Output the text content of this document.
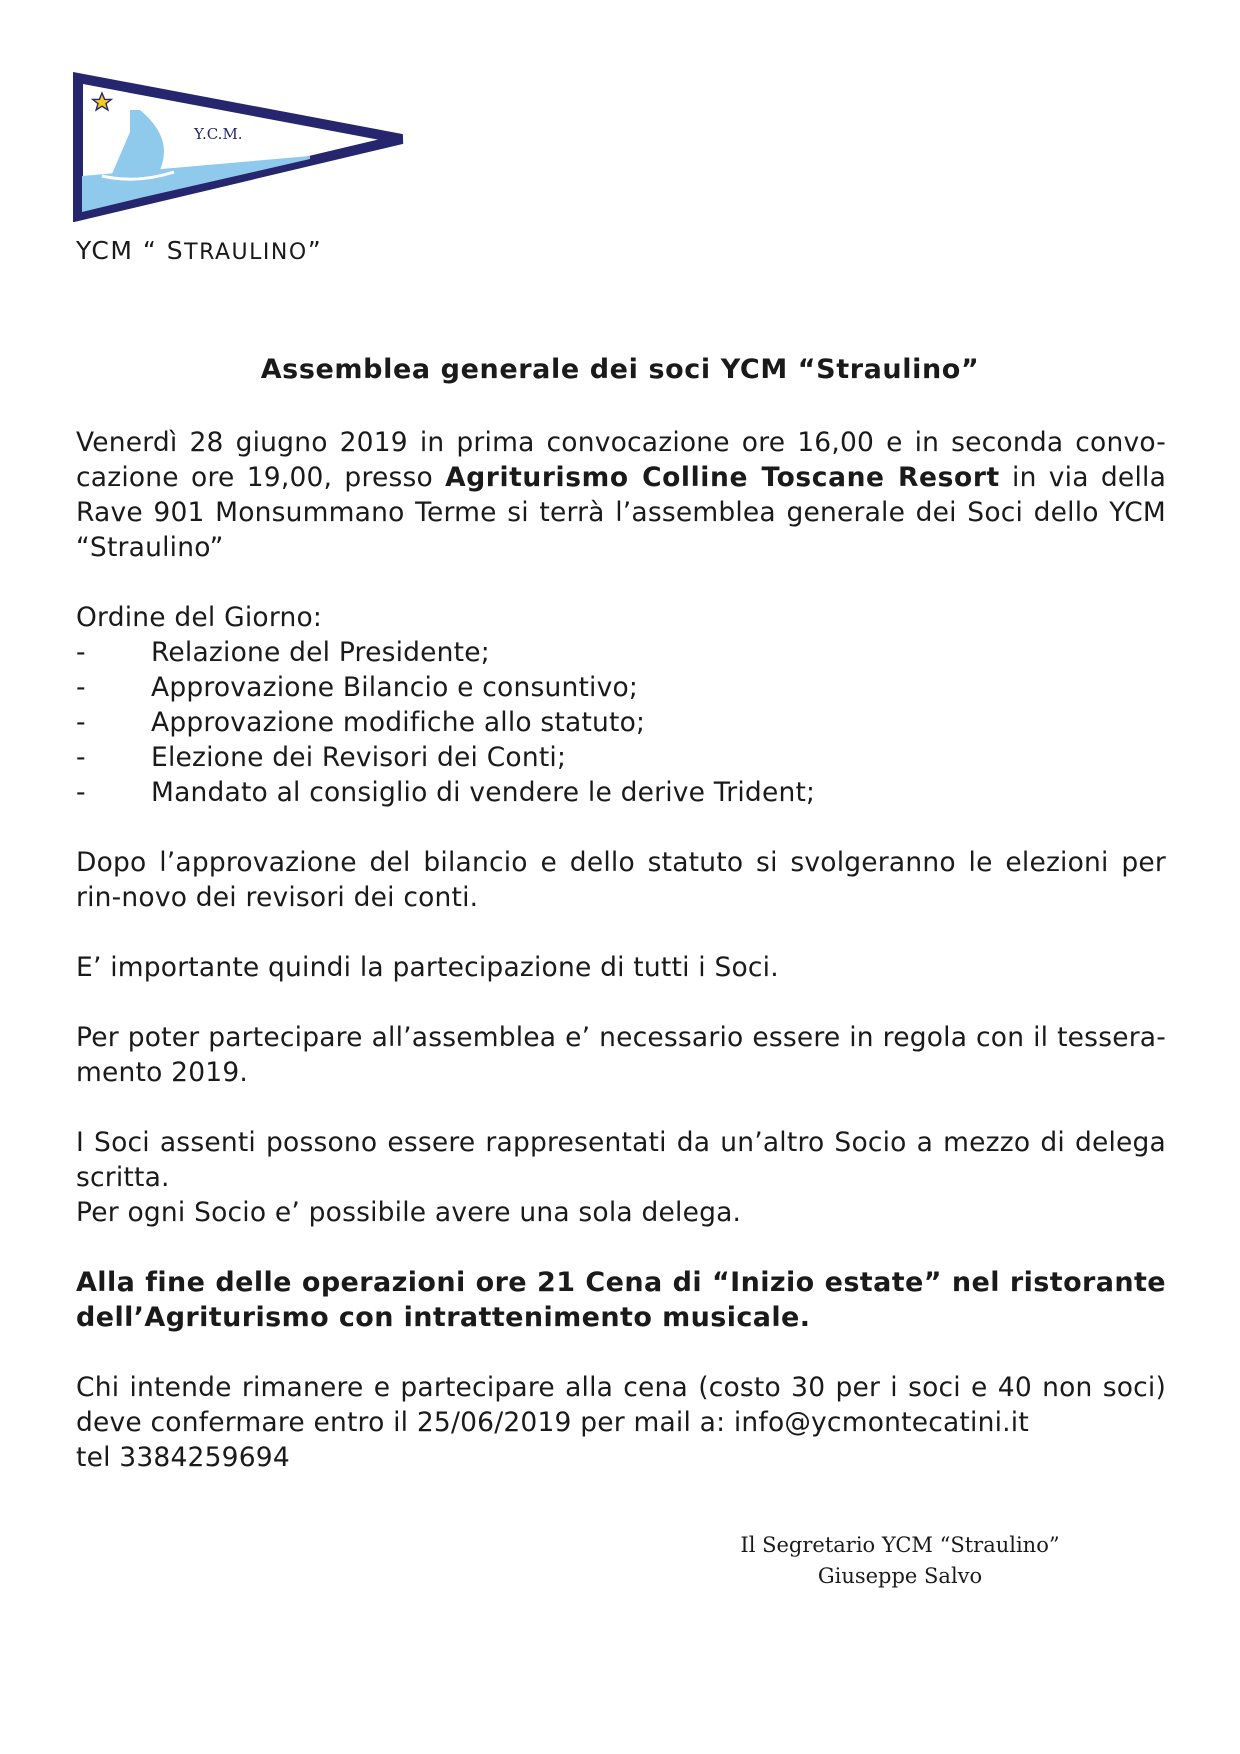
Y.C.M.
YCM “ STRAULINO”
Assemblea generale dei soci YCM “Straulino”
Venerdì 28 giugno 2019 in prima convocazione ore 16,00 e in seconda convo-cazione ore 19,00, presso Agriturismo Colline Toscane Resort in via della Rave 901 Monsummano Terme si terrà l’assemblea generale dei Soci dello YCM “Straulino”

Ordine del Giorno:

-	Relazione del Presidente;
-	Approvazione Bilancio e consuntivo;
-	Approvazione modifiche allo statuto;
-	Elezione dei Revisori dei Conti;
-	Mandato al consiglio di vendere le derive Trident;

Dopo l’approvazione del bilancio e dello statuto si svolgeranno le elezioni per rin-novo dei revisori dei conti.

E’ importante quindi la partecipazione di tutti i Soci.

Per poter partecipare all’assemblea e’ necessario essere in regola con il tessera-mento 2019.

I Soci assenti possono essere rappresentati da un’altro Socio a mezzo di delega scritta.

Per ogni Socio e’ possibile avere una sola delega.

Alla fine delle operazioni ore 21 Cena di “Inizio estate” nel ristorante dell’Agriturismo con intrattenimento musicale.

Chi intende rimanere e partecipare alla cena (costo 30 per i soci e 40 non soci) deve confermare entro il 25/06/2019 per mail a: info@ycmontecatini.it

tel 3384259694

Il Segretario YCM “Straulino”
Giuseppe Salvo
